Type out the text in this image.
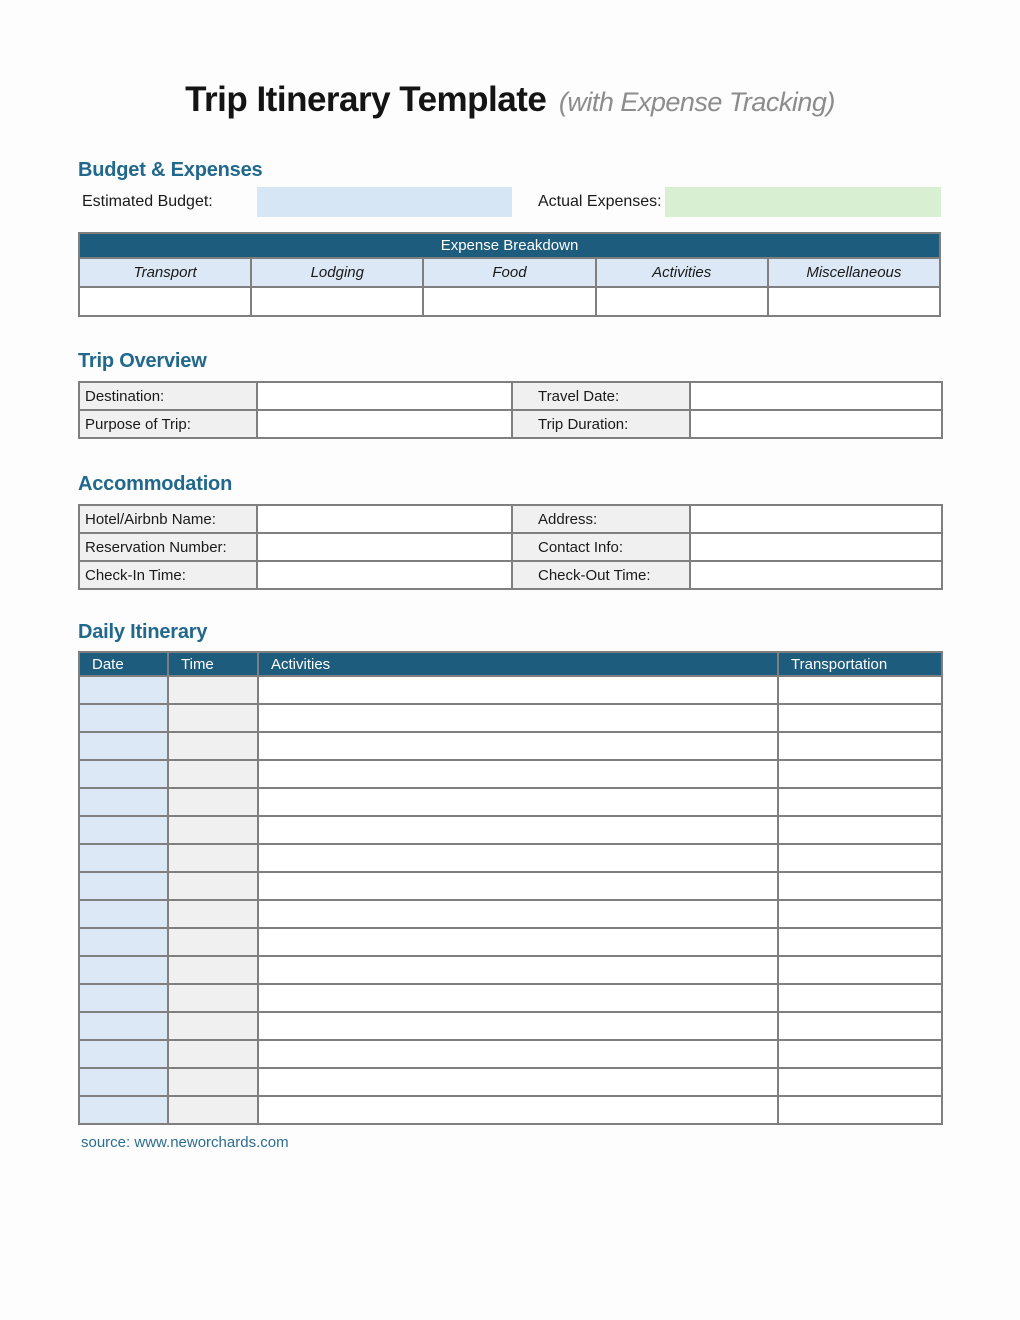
Trip Itinerary Template (with Expense Tracking)
Budget & Expenses
Estimated Budget:	Actual Expenses:
Expense Breakdown				
Transport	Lodging	Food	Activities	Miscellaneous

Trip Overview
Destination:		Travel Date:	
Purpose of Trip:		Trip Duration:	
Accommodation
Hotel/Airbnb Name:		Address:	
Reservation Number:		Contact Info:	
Check-In Time:		Check-Out Time:	
Daily Itinerary
Date	Time	Activities	Transportation

source: www.neworchards.com
